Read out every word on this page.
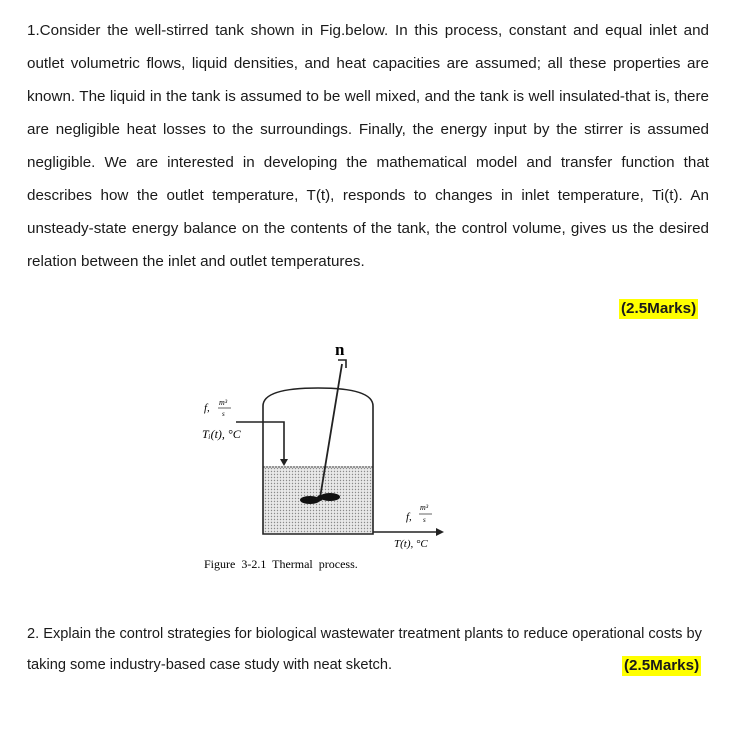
1.Consider the well-stirred tank shown in Fig.below. In this process, constant and equal inlet and outlet volumetric flows, liquid densities, and heat capacities are assumed; all these properties are known. The liquid in the tank is assumed to be well mixed, and the tank is well insulated-that is, there are negligible heat losses to the surroundings. Finally, the energy input by the stirrer is assumed negligible. We are interested in developing the mathematical model and transfer function that describes how the outlet temperature, T(t), responds to changes in inlet temperature, Ti(t). An unsteady-state energy balance on the contents of the tank, the control volume, gives us the desired relation between the inlet and outlet temperatures.
(2.5Marks)
n
f, m³
s
Tᵢ(t), °C
f,
m³
s
T(t), °C
Figure  3-2.1  Thermal  process.
2. Explain the control strategies for biological wastewater treatment plants to reduce operational costs by taking some industry-based case study with neat sketch.	(2.5Marks)
